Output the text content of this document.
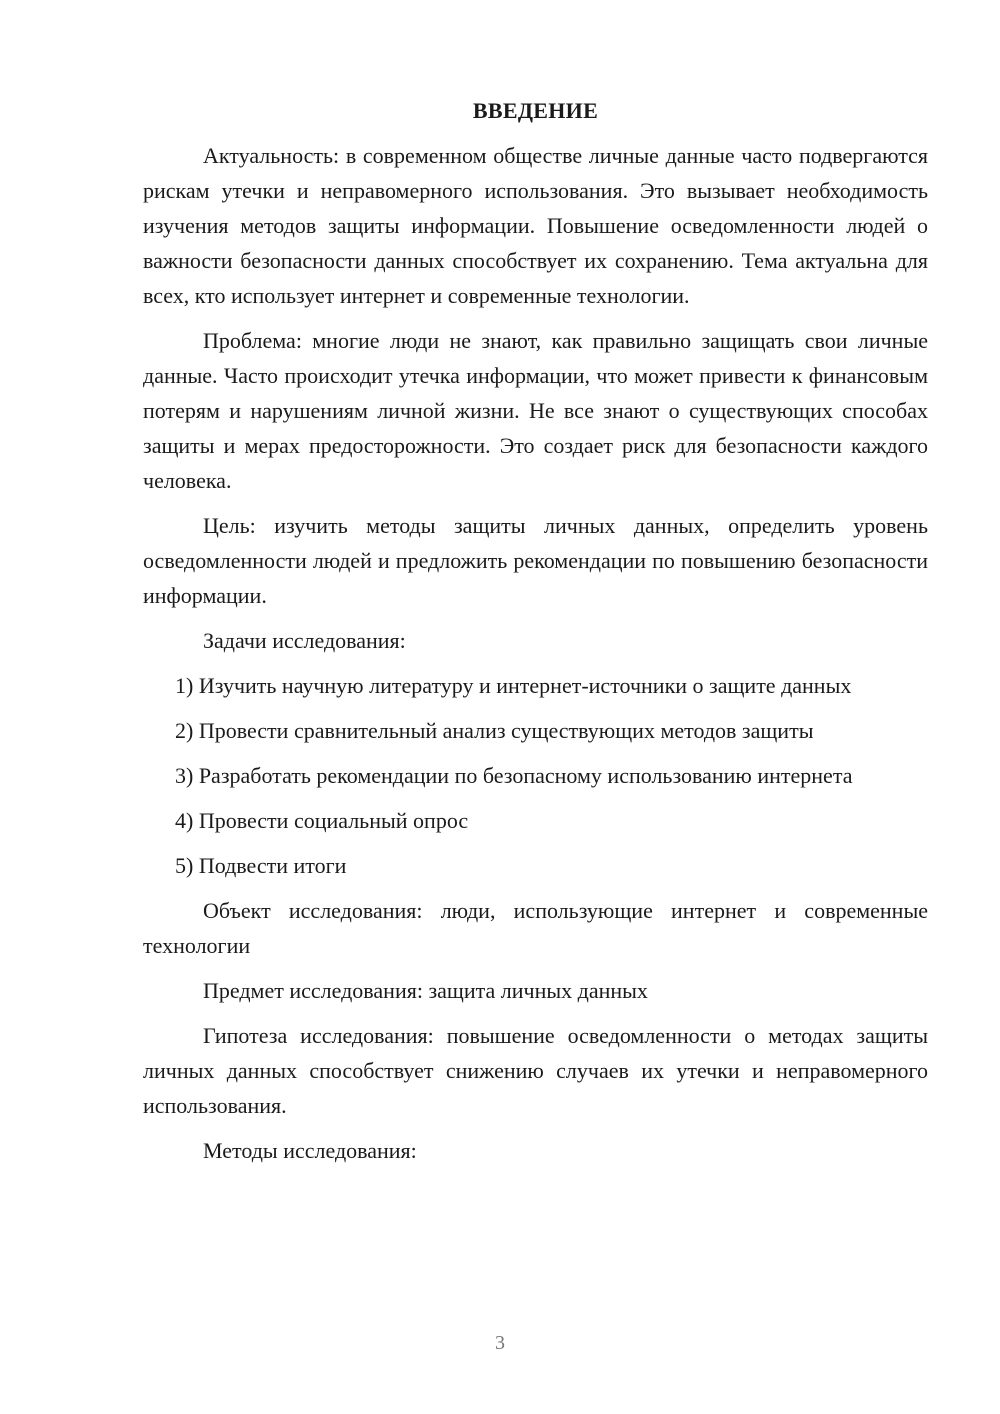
ВВЕДЕНИЕ

Актуальность: в современном обществе личные данные часто подвергаются рискам утечки и неправомерного использования. Это вызывает необходимость изучения методов защиты информации. Повышение осведомленности людей о важности безопасности данных способствует их сохранению. Тема актуальна для всех, кто использует интернет и современные технологии.

Проблема: многие люди не знают, как правильно защищать свои личные данные. Часто происходит утечка информации, что может привести к финансовым потерям и нарушениям личной жизни. Не все знают о существующих способах защиты и мерах предосторожности. Это создает риск для безопасности каждого человека.

Цель: изучить методы защиты личных данных, определить уровень осведомленности людей и предложить рекомендации по повышению безопасности информации.

Задачи исследования:

1) Изучить научную литературу и интернет-источники о защите данных

2) Провести сравнительный анализ существующих методов защиты

3) Разработать рекомендации по безопасному использованию интернета

4) Провести социальный опрос

5) Подвести итоги

Объект исследования: люди, использующие интернет и современные технологии

Предмет исследования: защита личных данных

Гипотеза исследования: повышение осведомленности о методах защиты личных данных способствует снижению случаев их утечки и неправомерного использования.

Методы исследования:

3
